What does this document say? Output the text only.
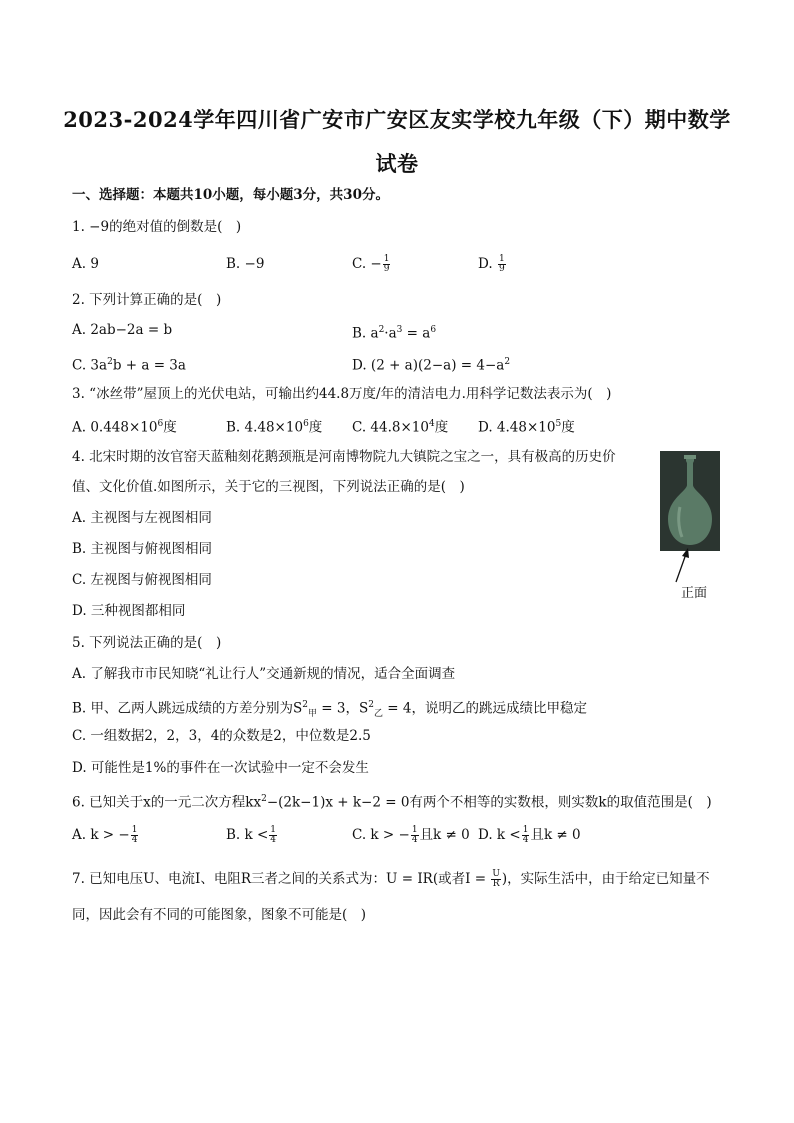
2023-2024学年四川省广安市广安区友实学校九年级（下）期中数学
试卷
一、选择题：本题共10小题，每小题3分，共30分。
1. −9的绝对值的倒数是(　)
A. 9	B. −9	C. − $\frac{1}{9}$	D. $\frac{1}{9}$
2. 下列计算正确的是(　)
A. 2ab−2a = b	B. $a^2\cdot a^3 = a^6$
C. $3a^2b + a = 3a$	D. $(2 + a)(2-a) = 4-a^2$
3. “冰丝带”屋顶上的光伏电站，可输出约44.8万度/年的清洁电力.用科学记数法表示为(　)
A. $0.448\times 10^6$度	B. $4.48\times 10^6$度 C. $44.8\times 10^4$度 D. $4.48\times 10^5$度
4. 北宋时期的汝官窑天蓝釉刻花鹅颈瓶是河南博物院九大镇院之宝之一，具有极高的历史价
值、文化价值.如图所示，关于它的三视图，下列说法正确的是(　)
A. 主视图与左视图相同
B. 主视图与俯视图相同
C. 左视图与俯视图相同
D. 三种视图都相同
正面
5. 下列说法正确的是(　)
A. 了解我市市民知晓“礼让行人”交通新规的情况，适合全面调查
B. 甲、乙两人跳远成绩的方差分别为$S^2_甲 = 3$，$S^2_乙 = 4$，说明乙的跳远成绩比甲稳定
C. 一组数据2，2，3，4的众数是2，中位数是2.5
D. 可能性是1%的事件在一次试验中一定不会发生
6. 已知关于x的一元二次方程$kx^2-(2k-1)x + k-2 = 0$有两个不相等的实数根，则实数k的取值范围是(　)
A. k > − $\frac{1}{4}$	B. $k < \frac{1}{4}$	C. k > − $\frac{1}{4}$ 且k ≠ 0 D. $k < \frac{1}{4}$ 且k ≠ 0
7. 已知电压U、电流I、电阻R三者之间的关系式为：U = IR(或者$I = \frac{U}{R}$ )，实际生活中，由于给定已知量不
同，因此会有不同的可能图象，图象不可能是(　)
